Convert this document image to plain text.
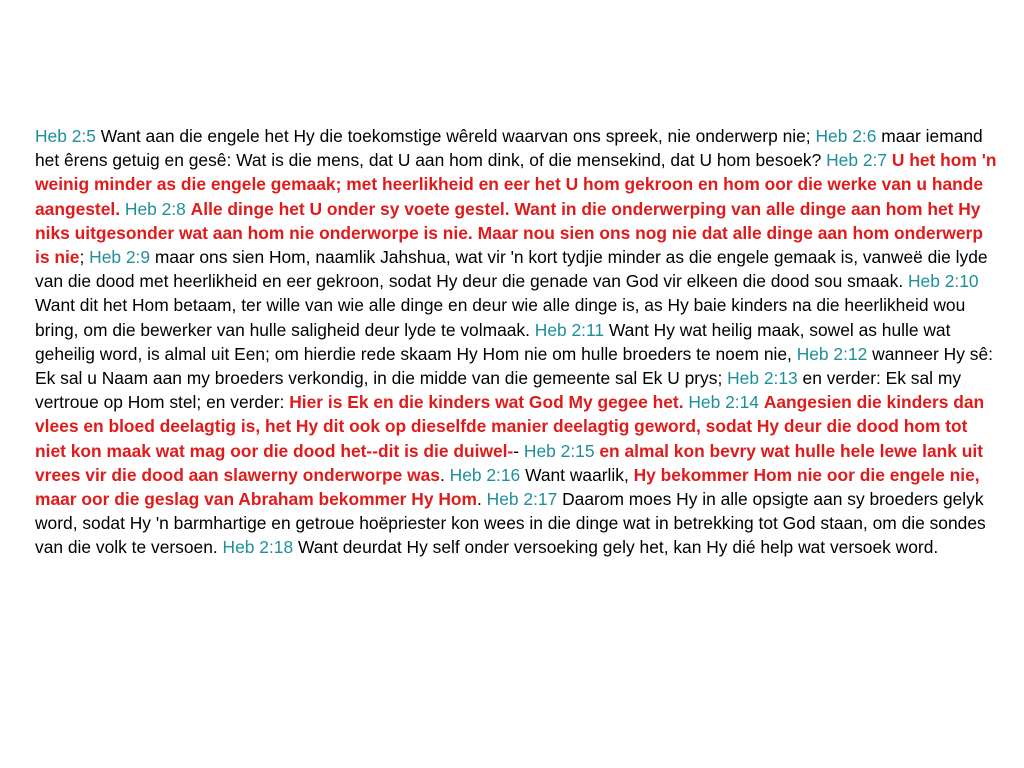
Heb 2:5 Want aan die engele het Hy die toekomstige wêreld waarvan ons spreek, nie onderwerp nie; Heb 2:6 maar iemand het êrens getuig en gesê: Wat is die mens, dat U aan hom dink, of die mensekind, dat U hom besoek? Heb 2:7 U het hom 'n weinig minder as die engele gemaak; met heerlikheid en eer het U hom gekroon en hom oor die werke van u hande aangestel. Heb 2:8 Alle dinge het U onder sy voete gestel. Want in die onderwerping van alle dinge aan hom het Hy niks uitgesonder wat aan hom nie onderworpe is nie. Maar nou sien ons nog nie dat alle dinge aan hom onderwerp is nie; Heb 2:9 maar ons sien Hom, naamlik Jahshua, wat vir 'n kort tydjie minder as die engele gemaak is, vanweë die lyde van die dood met heerlikheid en eer gekroon, sodat Hy deur die genade van God vir elkeen die dood sou smaak. Heb 2:10 Want dit het Hom betaam, ter wille van wie alle dinge en deur wie alle dinge is, as Hy baie kinders na die heerlikheid wou bring, om die bewerker van hulle saligheid deur lyde te volmaak. Heb 2:11 Want Hy wat heilig maak, sowel as hulle wat geheilig word, is almal uit Een; om hierdie rede skaam Hy Hom nie om hulle broeders te noem nie, Heb 2:12 wanneer Hy sê: Ek sal u Naam aan my broeders verkondig, in die midde van die gemeente sal Ek U prys; Heb 2:13 en verder: Ek sal my vertroue op Hom stel; en verder: Hier is Ek en die kinders wat God My gegee het. Heb 2:14 Aangesien die kinders dan vlees en bloed deelagtig is, het Hy dit ook op dieselfde manier deelagtig geword, sodat Hy deur die dood hom tot niet kon maak wat mag oor die dood het--dit is die duiwel-- Heb 2:15 en almal kon bevry wat hulle hele lewe lank uit vrees vir die dood aan slawerny onderworpe was. Heb 2:16 Want waarlik, Hy bekommer Hom nie oor die engele nie, maar oor die geslag van Abraham bekommer Hy Hom. Heb 2:17 Daarom moes Hy in alle opsigte aan sy broeders gelyk word, sodat Hy 'n barmhartige en getroue hoëpriester kon wees in die dinge wat in betrekking tot God staan, om die sondes van die volk te versoen. Heb 2:18 Want deurdat Hy self onder versoeking gely het, kan Hy dié help wat versoek word.
